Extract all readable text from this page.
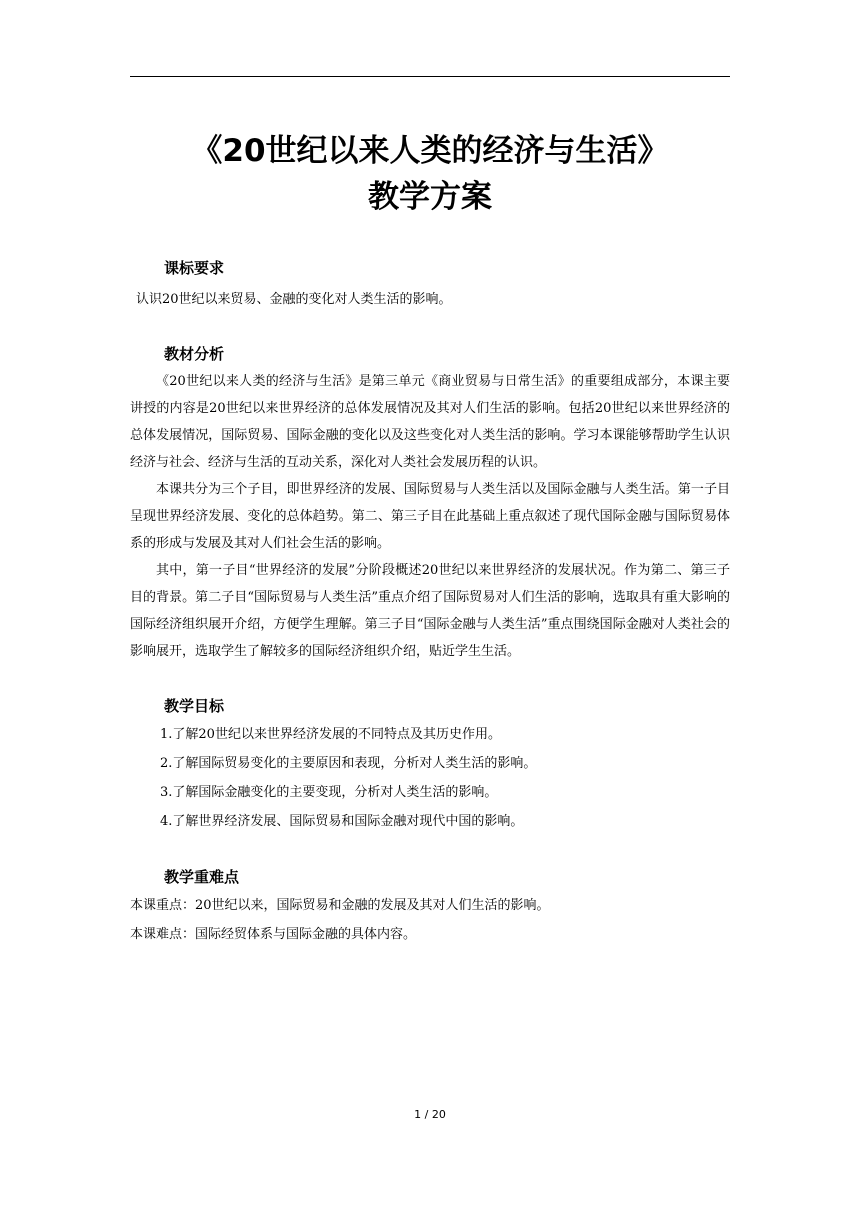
《20世纪以来人类的经济与生活》
教学方案

课标要求

认识20世纪以来贸易、金融的变化对人类生活的影响。

教材分析

《20世纪以来人类的经济与生活》是第三单元《商业贸易与日常生活》的重要组成部分，本课主要讲授的内容是20世纪以来世界经济的总体发展情况及其对人们生活的影响。包括20世纪以来世界经济的总体发展情况，国际贸易、国际金融的变化以及这些变化对人类生活的影响。学习本课能够帮助学生认识经济与社会、经济与生活的互动关系，深化对人类社会发展历程的认识。

本课共分为三个子目，即世界经济的发展、国际贸易与人类生活以及国际金融与人类生活。第一子目呈现世界经济发展、变化的总体趋势。第二、第三子目在此基础上重点叙述了现代国际金融与国际贸易体系的形成与发展及其对人们社会生活的影响。

其中，第一子目“世界经济的发展”分阶段概述20世纪以来世界经济的发展状况。作为第二、第三子目的背景。第二子目“国际贸易与人类生活”重点介绍了国际贸易对人们生活的影响，选取具有重大影响的国际经济组织展开介绍，方便学生理解。第三子目“国际金融与人类生活”重点围绕国际金融对人类社会的影响展开，选取学生了解较多的国际经济组织介绍，贴近学生生活。

教学目标

1.了解20世纪以来世界经济发展的不同特点及其历史作用。

2.了解国际贸易变化的主要原因和表现，分析对人类生活的影响。

3.了解国际金融变化的主要变现，分析对人类生活的影响。

4.了解世界经济发展、国际贸易和国际金融对现代中国的影响。

教学重难点

本课重点：20世纪以来，国际贸易和金融的发展及其对人们生活的影响。

本课难点：国际经贸体系与国际金融的具体内容。

1 / 20
